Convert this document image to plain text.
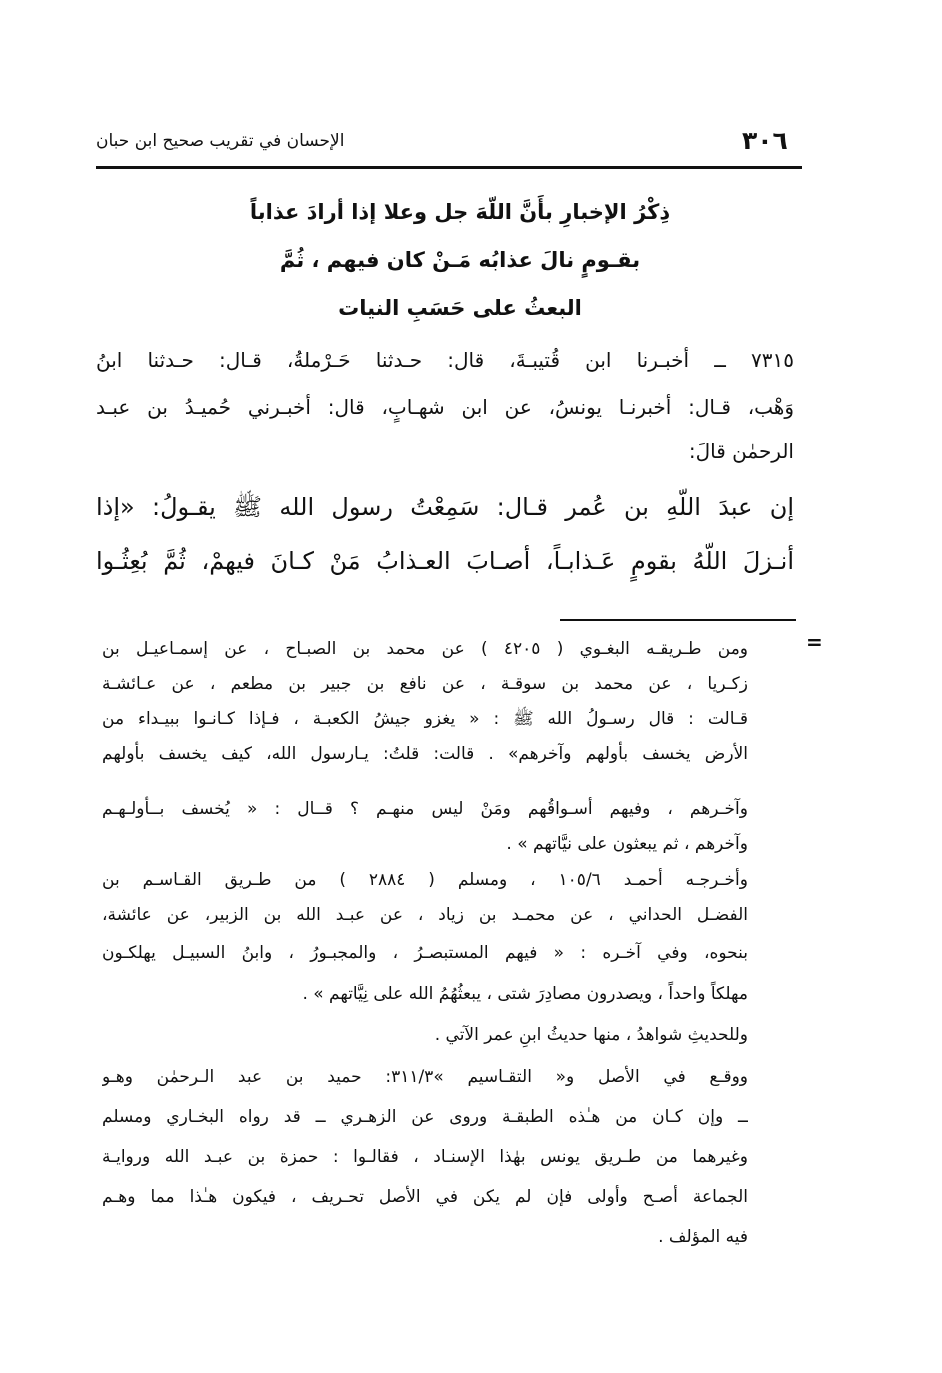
٣٠٦
الإحسان في تقريب صحيح ابن حبان

ذِكْرُ الإخبارِ بأَنَّ اللّهَ جل وعلا إذا أرادَ عذاباً

بقـومٍ نالَ عذابُه مَـنْ كان فيهم ، ثُمَّ

البعثُ على حَسَبِ النيات

٧٣١٥ ــ أخبـرنا ابن قُتيبـةَ، قال: حـدثنا حَـرْملةُ، قـال: حـدثنا ابنُ
وَهْب، قـال: أخبرنـا يونسُ، عن ابن شهـابٍ، قال: أخبـرني حُميـدُ بن عبـد
الرحمٰن قالَ:
إن عبدَ اللّهِ بن عُمر قـال: سَمِعْتُ رسول الله ﷺ يقـولُ: «إذا
أنـزلَ اللّهُ بقومٍ عَـذابـاً، أصـابَ العـذابُ مَنْ كـانَ فيهمْ، ثُمَّ بُعِثُـوا
=
ومن طـريقـه البغـوي ( ٤٢٠٥ ) عن محمد بن الصبـاح ، عن إسمـاعيـل بن
زكـريا ، عن محمد بن سوقـة ، عن نافع بن جبير بن مطعم ، عن عـائشـة
قـالت : قال رسـولُ الله ﷺ : « يغزو جيشُ الكعبـة ، فـإذا كـانـوا ببيـداء من
الأرض يخسف بأولهم وآخرهم» . قالت: قلتُ: يـارسول الله، كيف يخسف بأولهم
وآخـرهم ، وفيهم أسـواقُهم ومَنْ ليس منهـم ؟ قــال : « يُخسف بــأولـهـم
وآخرهم ، ثم يبعثون على نيَّاتهم » .
وأخـرجـه أحمـد ١٠٥/٦ ، ومسلم ( ٢٨٨٤ ) من طـريق القـاسـم بن
الفضـل الحداني ، عن محمـد بن زياد ، عن عبـد الله بن الزبير، عن عائشة،
بنحوه، وفي آخـره : « فيهم المستبصـرُ ، والمجبـورُ ، وابنُ السبيـل يهلكـون
مهلكاً واحداً ، ويصدرون مصادِرَ شتى ، يبعثُهُمُ الله على نِيَّاتهم » .
وللحديثِ شواهدُ ، منها حديثُ ابنِ عمر الآتي .
ووقـع في الأصل و« التقـاسيم »٣١١/٣: حميد بن عبد الـرحمٰن وهـو
ــ وإن كـان من هـٰذه الطبقـة وروى عن الزهـري ــ قد رواه البخـاري ومسلم
وغيرهما من طـريق يونس بهٰذا الإسنـاد ، فقالـوا : حمزة بن عبـد الله وروايـة
الجماعة أصـح وأولى فإن لم يكن في الأصل تحـريف ، فيكون هـٰذا مما وهـم
فيه المؤلف .
